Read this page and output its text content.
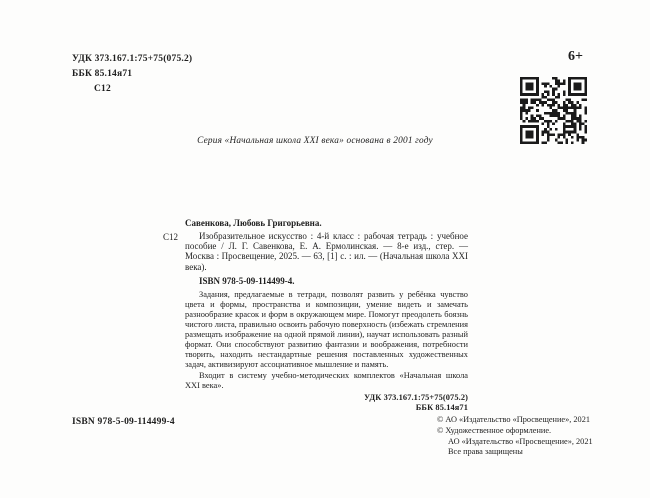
УДК 373.167.1:75+75(075.2)
ББК 85.14я71
С12
6+
Серия «Начальная школа XXI века» основана в 2001 году
С12

Савенкова, Любовь Григорьевна.

Изобразительное искусство : 4-й класс : рабочая тетрадь : учебное пособие / Л. Г. Савенкова, Е. А. Ермолинская. — 8-е изд., стер. — Москва : Просвещение, 2025. — 63, [1] с. : ил. — (Начальная школа XXI века).

ISBN 978-5-09-114499-4.

Задания, предлагаемые в тетради, позволят развить у ребёнка чувство цвета и формы, пространства и композиции, умение видеть и замечать разнообразие красок и форм в окружающем мире. Помогут преодолеть боязнь чистого листа, правильно освоить рабочую поверхность (избежать стремления размещать изображение на одной прямой линии), научат использовать разный формат. Они способствуют развитию фантазии и воображения, потребности творить, находить нестандартные решения поставленных художественных задач, активизируют ассоциативное мышление и память.

Входит в систему учебно-методических комплектов «Начальная школа XXI века».

УДК 373.167.1:75+75(075.2)
ББК 85.14я71
ISBN 978-5-09-114499-4	© АО «Издательство «Просвещение», 2021
© Художественное оформление.
АО «Издательство «Просвещение», 2021
Все права защищены
